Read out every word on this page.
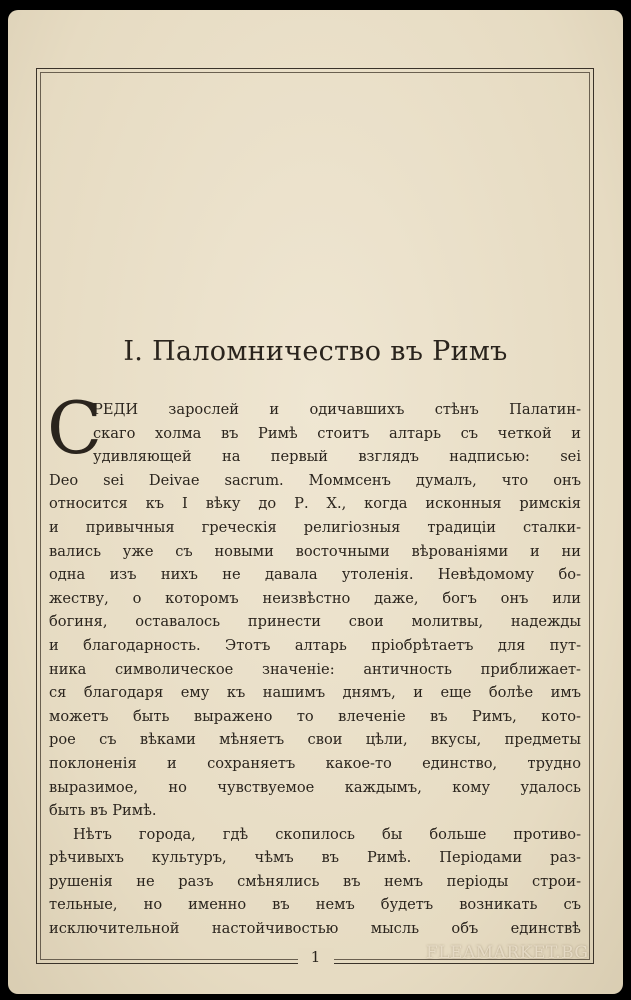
I. Паломничество въ Римъ
С
РЕДИ зарослей и одичавшихъ стѣнъ Палатин-
скаго холма въ Римѣ стоитъ алтарь съ четкой и
удивляющей на первый взглядъ надписью: sei
Deo sei Deivae sacrum. Моммсенъ думалъ, что онъ
относится къ I вѣку до Р. Х., когда исконныя римскія
и привычныя греческія религіозныя традиціи сталки-
вались уже съ новыми восточными вѣрованіями и ни
одна изъ нихъ не давала утоленія. Невѣдомому бо-
жеству, о которомъ неизвѣстно даже, богъ онъ или
богиня, оставалось принести свои молитвы, надежды
и благодарность. Этотъ алтарь пріобрѣтаетъ для пут-
ника символическое значеніе: античность приближает-
ся благодаря ему къ нашимъ днямъ, и еще болѣе имъ
можетъ быть выражено то влеченіе въ Римъ, кото-
рое съ вѣками мѣняетъ свои цѣли, вкусы, предметы
поклоненія и сохраняетъ какое-то единство, трудно
выразимое, но чувствуемое каждымъ, кому удалось
быть въ Римѣ.
Нѣтъ города, гдѣ скопилось бы больше противо-
рѣчивыхъ культуръ, чѣмъ въ Римѣ. Періодами раз-
рушенія не разъ смѣнялись въ немъ періоды строи-
тельные, но именно въ немъ будетъ возникать съ
исключительной настойчивостью мысль объ единствѣ
1	FLEAMARKET.BG
